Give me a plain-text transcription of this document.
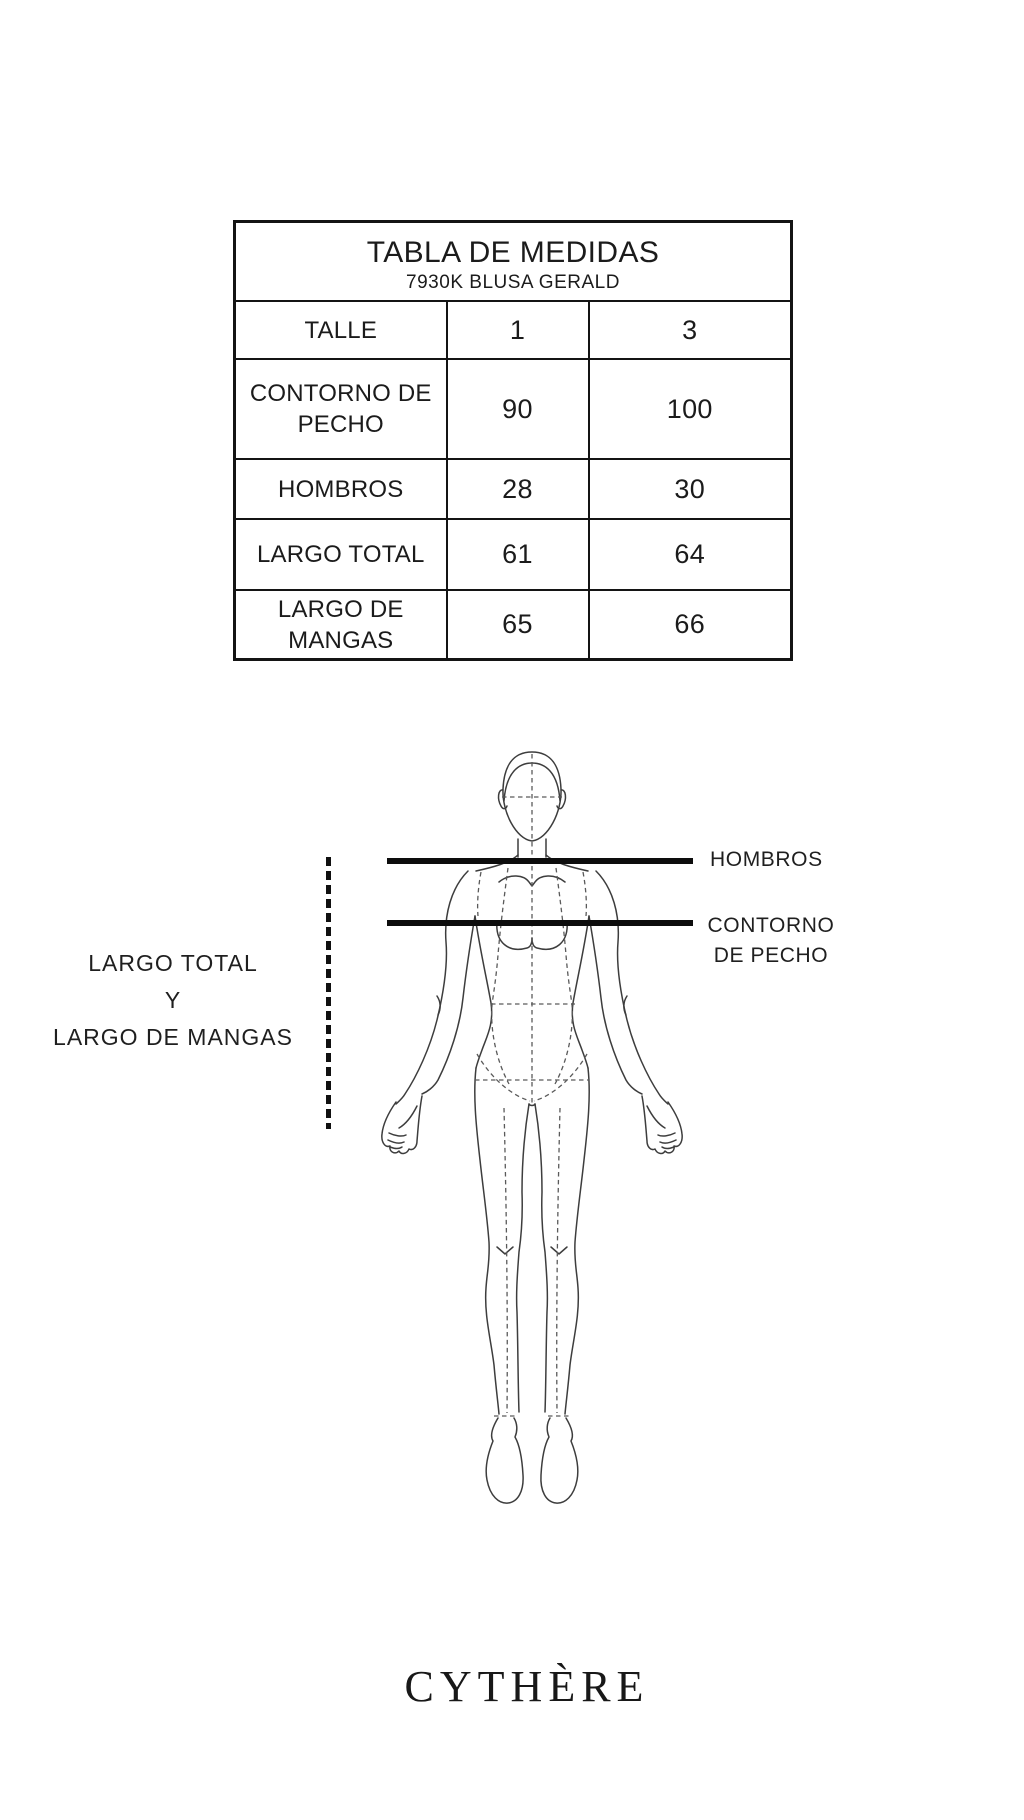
TABLA DE MEDIDAS
7930K BLUSA GERALD		

TALLE	1	3
CONTORNO DE PECHO	90	100
HOMBROS	28	30
LARGO TOTAL	61	64
LARGO DE MANGAS	65	66
LARGO TOTAL
Y
LARGO DE MANGAS
HOMBROS
CONTORNO
DE PECHO
CYTHÈRE
